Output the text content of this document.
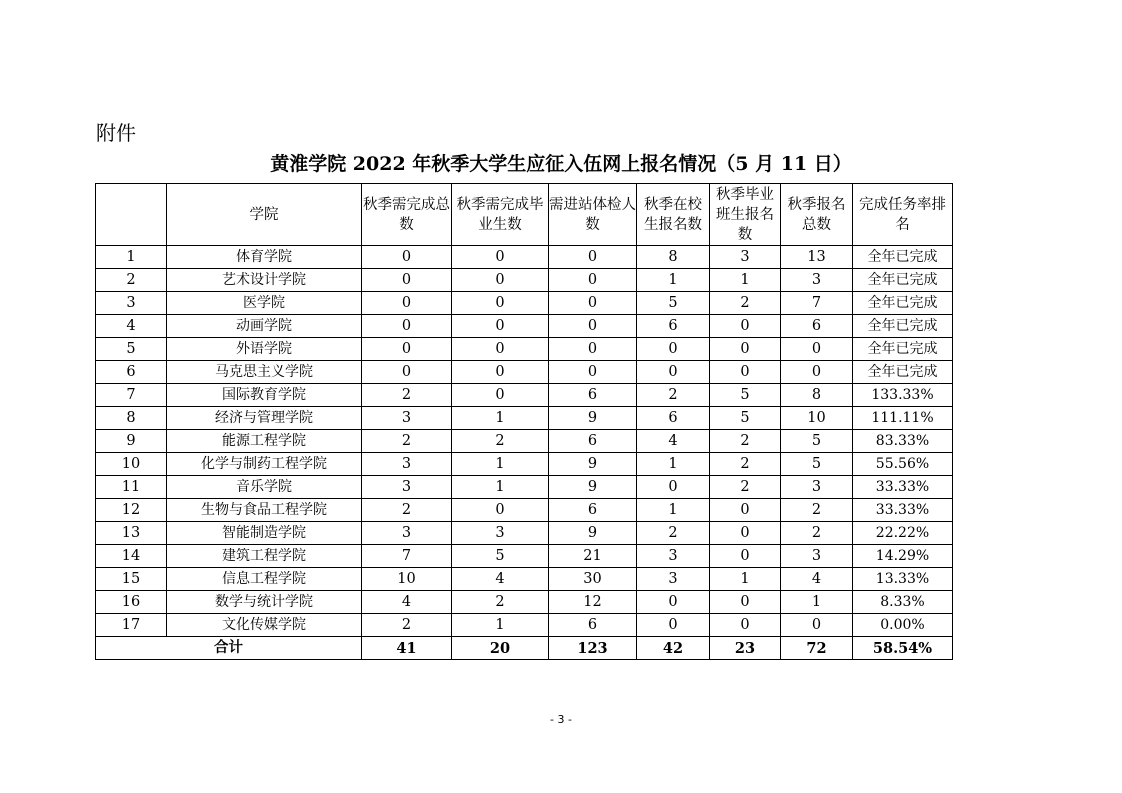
附件
黄淮学院 2022 年秋季大学生应征入伍网上报名情况（5 月 11 日）
	学院	秋季需完成总数	秋季需完成毕业生数	需进站体检人数	秋季在校生报名数	秋季毕业班生报名数	秋季报名总数	完成任务率排名
1	体育学院	0	0	0	8	3	13	全年已完成
2	艺术设计学院	0	0	0	1	1	3	全年已完成
3	医学院	0	0	0	5	2	7	全年已完成
4	动画学院	0	0	0	6	0	6	全年已完成
5	外语学院	0	0	0	0	0	0	全年已完成
6	马克思主义学院	0	0	0	0	0	0	全年已完成
7	国际教育学院	2	0	6	2	5	8	133.33%
8	经济与管理学院	3	1	9	6	5	10	111.11%
9	能源工程学院	2	2	6	4	2	5	83.33%
10	化学与制药工程学院	3	1	9	1	2	5	55.56%
11	音乐学院	3	1	9	0	2	3	33.33%
12	生物与食品工程学院	2	0	6	1	0	2	33.33%
13	智能制造学院	3	3	9	2	0	2	22.22%
14	建筑工程学院	7	5	21	3	0	3	14.29%
15	信息工程学院	10	4	30	3	1	4	13.33%
16	数学与统计学院	4	2	12	0	0	1	8.33%
17	文化传媒学院	2	1	6	0	0	0	0.00%
合计		41	20	123	42	23	72	58.54%
- 3 -
